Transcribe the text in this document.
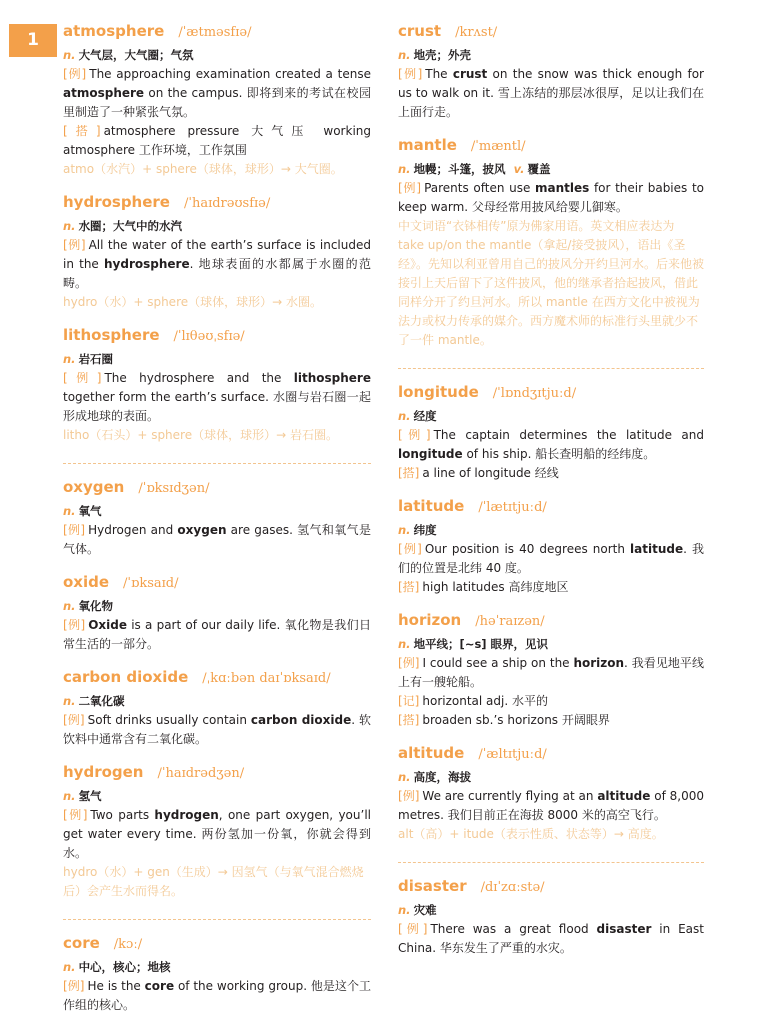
1	atmosphere /ˈætməsfɪə/
n. 大气层，大气圈；气氛
[例] The approaching examination created a tense atmosphere on the campus. 即将到来的考试在校园里制造了一种紧张气氛。
[搭] atmosphere pressure 大气压 working atmosphere 工作环境，工作氛围
atmo（水汽）+ sphere（球体，球形）→ 大气圈。
hydrosphere /ˈhaɪdrəʊsfɪə/
n. 水圈；大气中的水汽
[例] All the water of the earth’s surface is included in the hydrosphere. 地球表面的水都属于水圈的范畴。
hydro（水）+ sphere（球体，球形）→ 水圈。
lithosphere /ˈlɪθəʊˌsfɪə/
n. 岩石圈
[例] The hydrosphere and the lithosphere together form the earth’s surface. 水圈与岩石圈一起形成地球的表面。
litho（石头）+ sphere（球体，球形）→ 岩石圈。
oxygen /ˈɒksɪdʒən/
n. 氧气
[例] Hydrogen and oxygen are gases. 氢气和氧气是气体。
oxide /ˈɒksaɪd/
n. 氧化物
[例] Oxide is a part of our daily life. 氧化物是我们日常生活的一部分。
carbon dioxide /ˌkɑːbən daɪˈɒksaɪd/
n. 二氧化碳
[例] Soft drinks usually contain carbon dioxide. 软饮料中通常含有二氧化碳。
hydrogen /ˈhaɪdrədʒən/
n. 氢气
[例] Two parts hydrogen, one part oxygen, you’ll get water every time. 两份氢加一份氧，你就会得到水。
hydro（水）+ gen（生成）→ 因氢气（与氧气混合燃烧后）会产生水而得名。
core /kɔː/
n. 中心，核心；地核
[例] He is the core of the working group. 他是这个工作组的核心。
crust /krʌst/
n. 地壳；外壳
[例] The crust on the snow was thick enough for us to walk on it. 雪上冻结的那层冰很厚，足以让我们在上面行走。
mantle /ˈmæntl/
n. 地幔；斗篷，披风 v. 覆盖
[例] Parents often use mantles for their babies to keep warm. 父母经常用披风给婴儿御寒。
中文词语“衣钵相传”原为佛家用语。英文相应表达为 take up/on the mantle（拿起/接受披风），语出《圣经》。先知以利亚曾用自己的披风分开约旦河水。后来他被接引上天后留下了这件披风，他的继承者拾起披风，借此同样分开了约旦河水。所以 mantle 在西方文化中被视为法力或权力传承的媒介。西方魔术师的标准行头里就少不了一件 mantle。
longitude /ˈlɒndʒɪtjuːd/
n. 经度
[例] The captain determines the latitude and longitude of his ship. 船长查明船的经纬度。
[搭] a line of longitude 经线
latitude /ˈlætɪtjuːd/
n. 纬度
[例] Our position is 40 degrees north latitude. 我们的位置是北纬 40 度。
[搭] high latitudes 高纬度地区
horizon /həˈraɪzən/
n. 地平线；[~s] 眼界，见识
[例] I could see a ship on the horizon. 我看见地平线上有一艘轮船。
[记] horizontal adj. 水平的
[搭] broaden sb.’s horizons 开阔眼界
altitude /ˈæltɪtjuːd/
n. 高度，海拔
[例] We are currently flying at an altitude of 8,000 metres. 我们目前正在海拔 8000 米的高空飞行。
alt（高）+ itude（表示性质、状态等）→ 高度。
disaster /dɪˈzɑːstə/
n. 灾难
[例] There was a great flood disaster in East China. 华东发生了严重的水灾。
